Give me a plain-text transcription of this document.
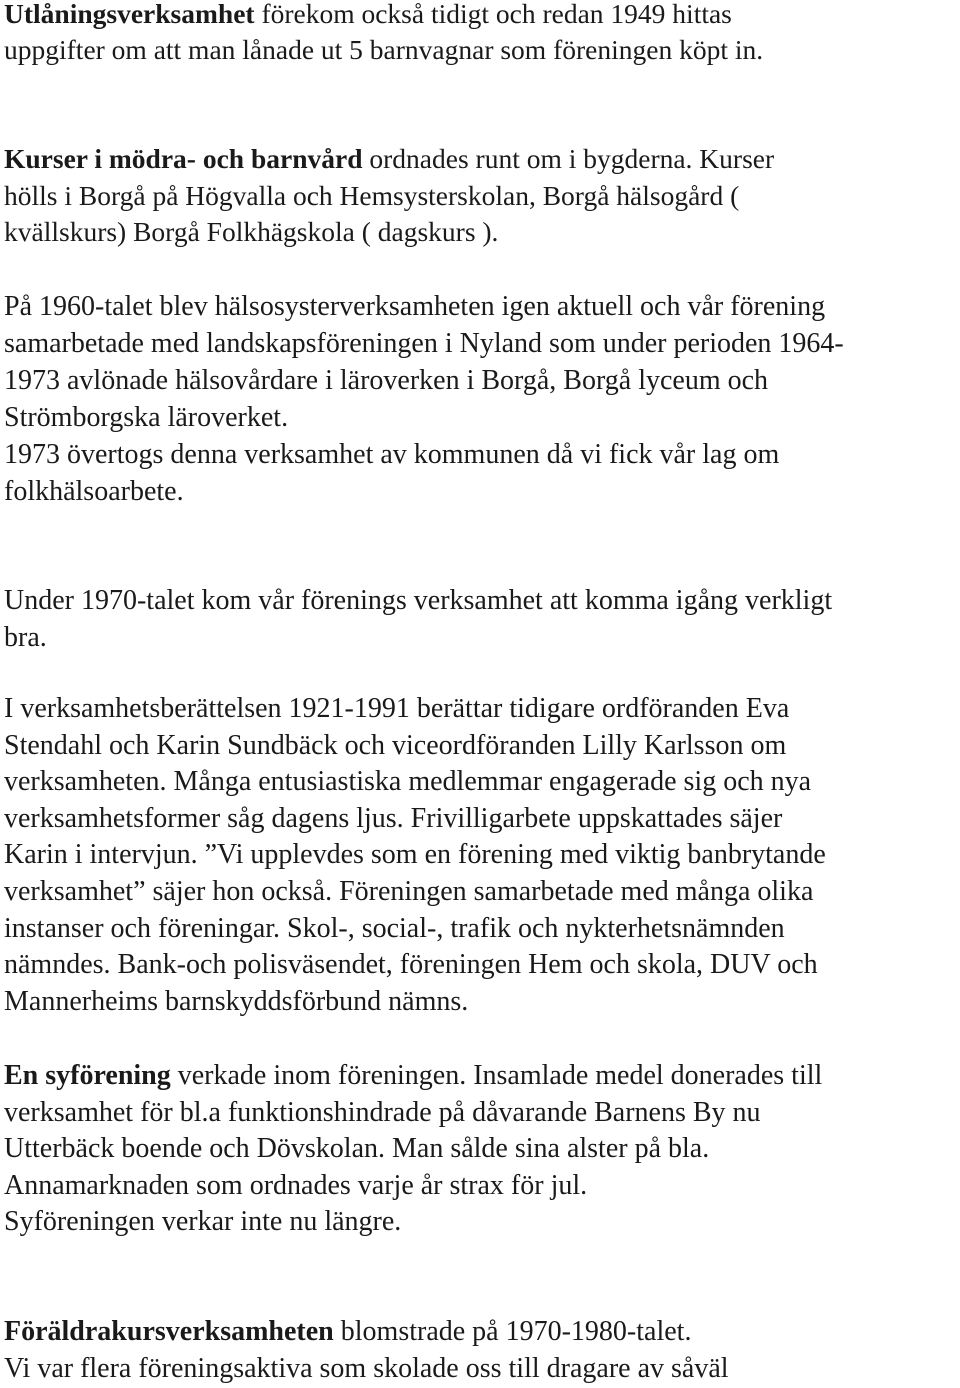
Utlåningsverksamhet förekom också tidigt och redan 1949 hittas
uppgifter om att man lånade ut 5 barnvagnar som föreningen köpt in.
Kurser i mödra- och barnvård ordnades runt om i bygderna. Kurser
hölls i Borgå på Högvalla och Hemsysterskolan, Borgå hälsogård (
kvällskurs) Borgå Folkhägskola ( dagskurs ).
På 1960-talet blev hälsosysterverksamheten igen aktuell och vår förening
samarbetade med landskapsföreningen i Nyland som under perioden 1964-
1973 avlönade hälsovårdare i läroverken i Borgå, Borgå lyceum och
Strömborgska läroverket.
1973 övertogs denna verksamhet av kommunen då vi fick vår lag om
folkhälsoarbete.
Under 1970-talet kom vår förenings verksamhet att komma igång verkligt
bra.
I verksamhetsberättelsen 1921-1991 berättar tidigare ordföranden Eva
Stendahl och Karin Sundbäck och viceordföranden Lilly Karlsson om
verksamheten. Många entusiastiska medlemmar engagerade sig och nya
verksamhetsformer såg dagens ljus. Frivilligarbete uppskattades säjer
Karin i intervjun. ”Vi upplevdes som en förening med viktig banbrytande
verksamhet” säjer hon också. Föreningen samarbetade med många olika
instanser och föreningar. Skol-, social-, trafik och nykterhetsnämnden
nämndes. Bank-och polisväsendet, föreningen Hem och skola, DUV och
Mannerheims barnskyddsförbund nämns.
En syförening verkade inom föreningen. Insamlade medel donerades till
verksamhet för bl.a funktionshindrade på dåvarande Barnens By nu
Utterbäck boende och Dövskolan. Man sålde sina alster på bla.
Annamarknaden som ordnades varje år strax för jul.
Syföreningen verkar inte nu längre.
Föräldrakursverksamheten blomstrade på 1970-1980-talet.
Vi var flera föreningsaktiva som skolade oss till dragare av såväl
